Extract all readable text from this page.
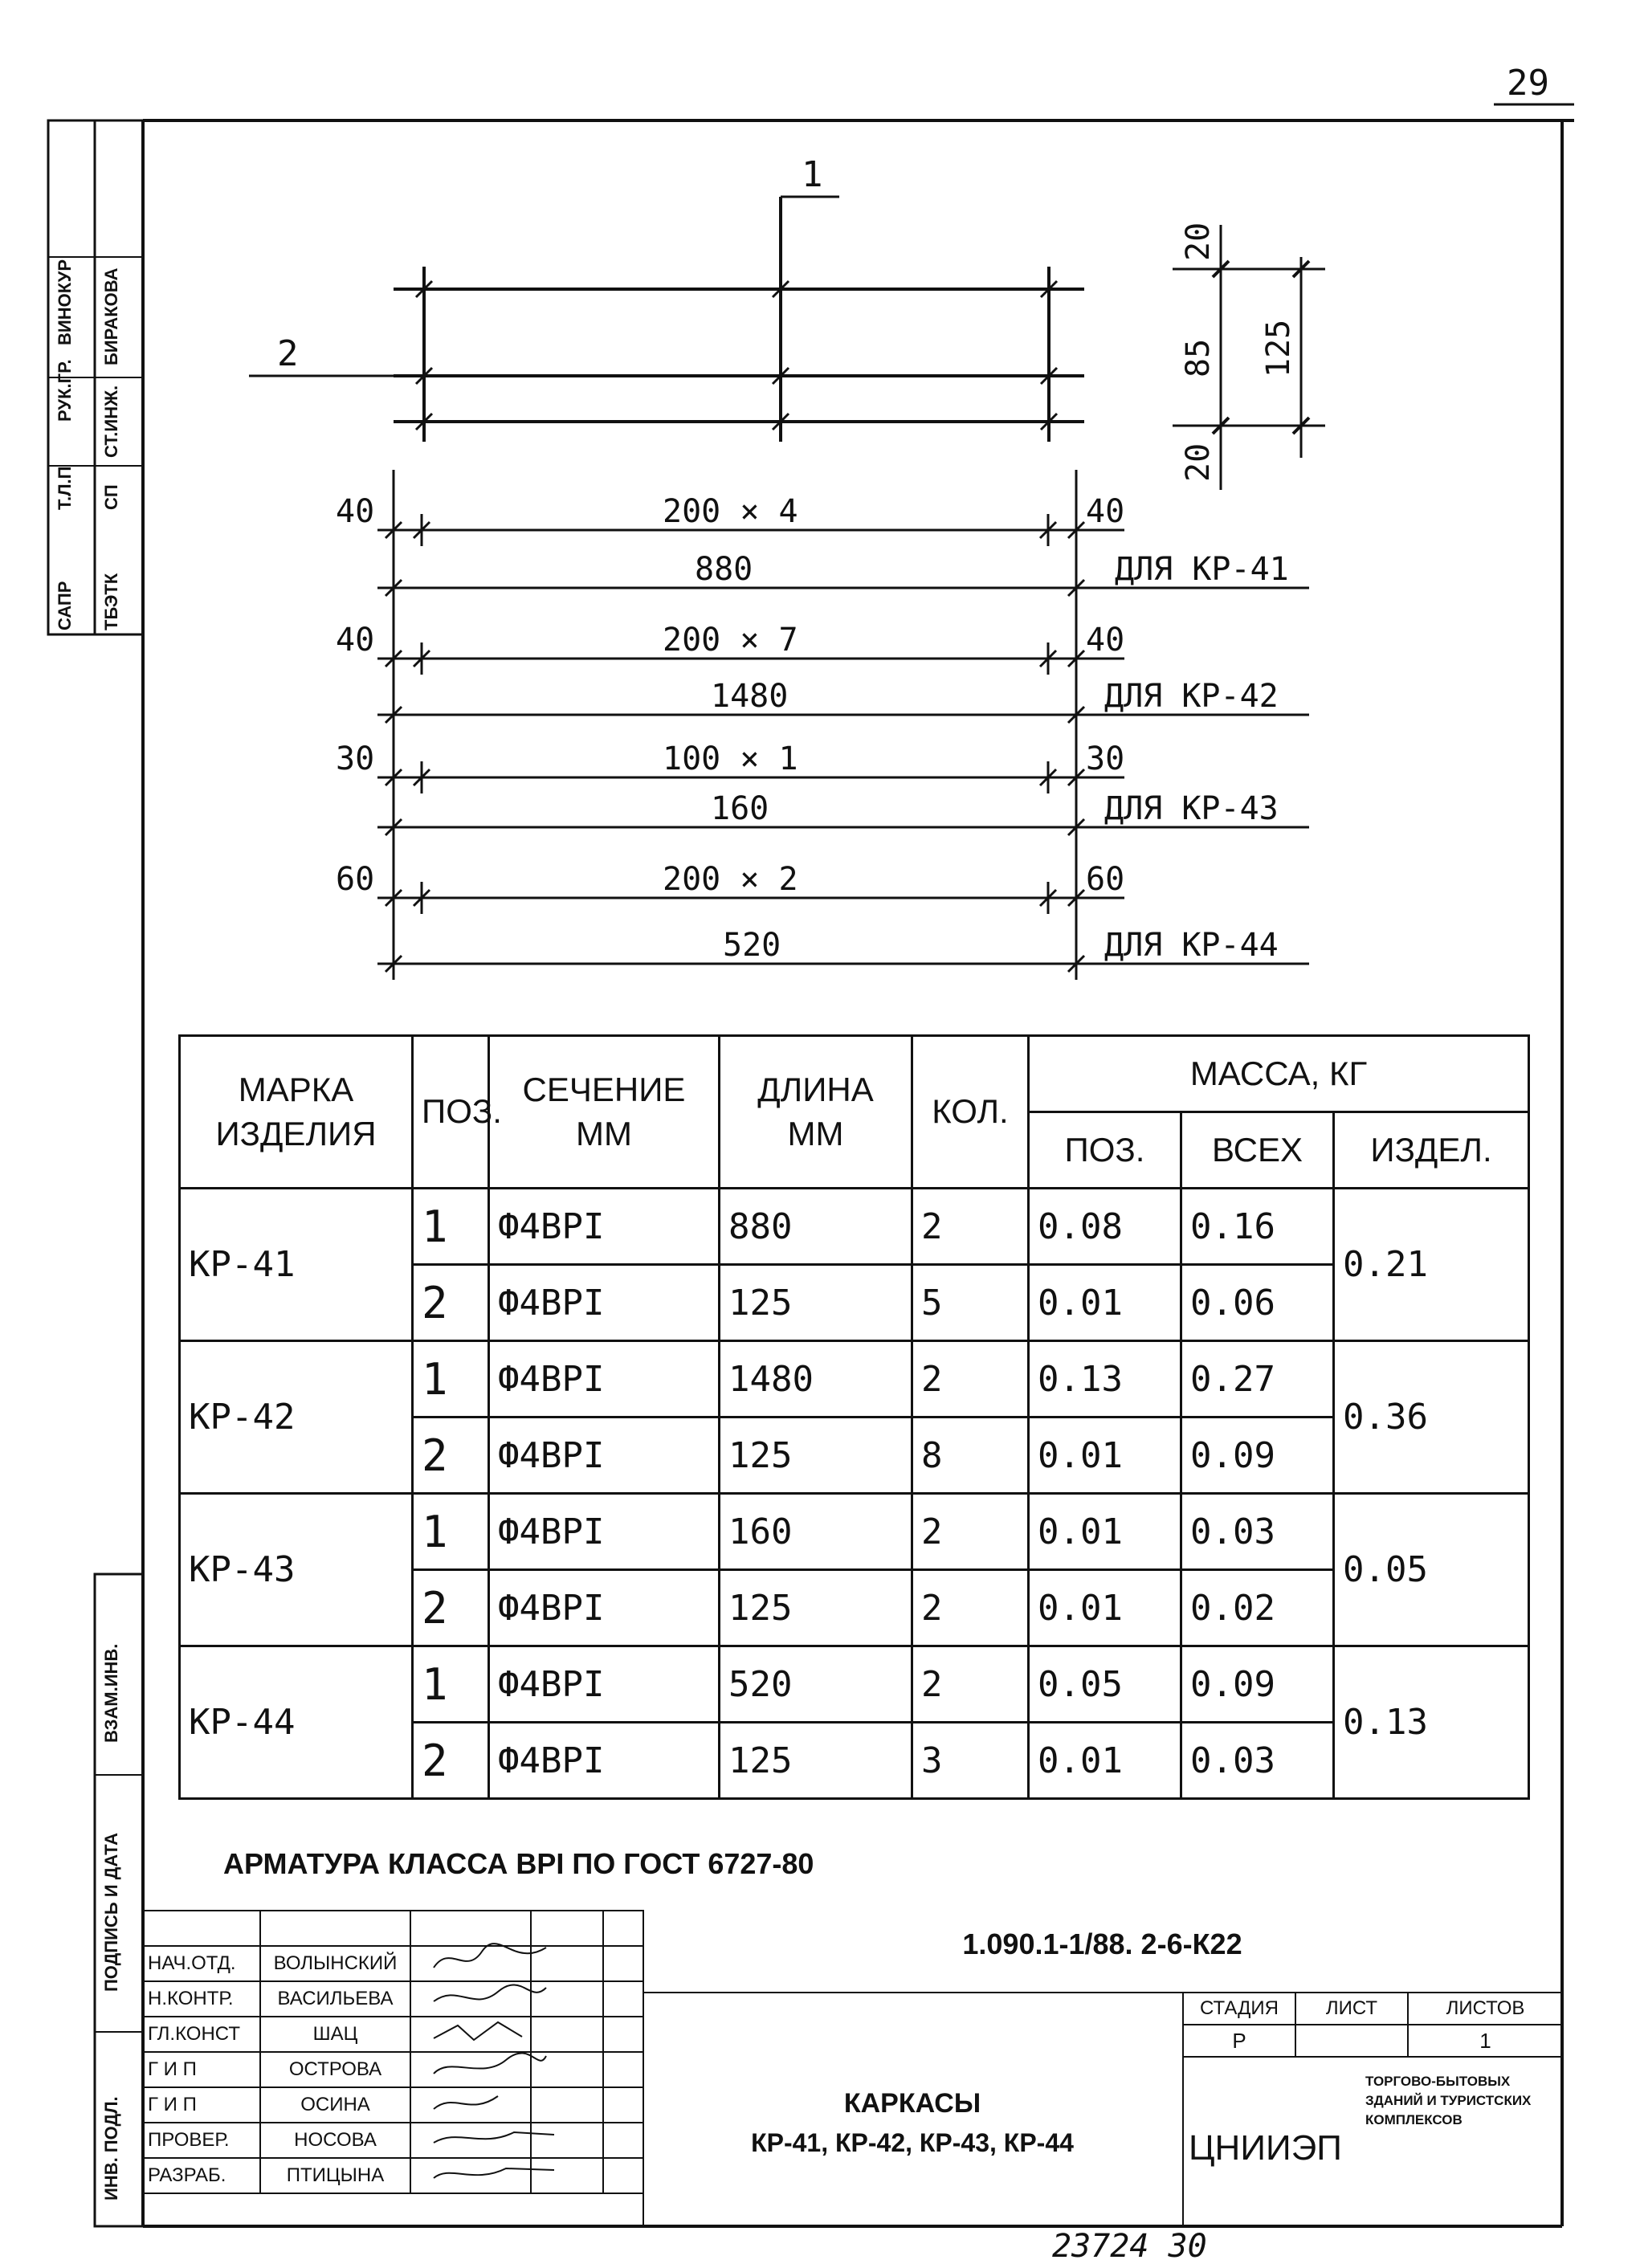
29
САПР
Т.Л.П
РУК.ГР.
ВИНОКУР
ТБЭТК
СП
СТ.ИНЖ.
БИРАКОВА
ВЗАМ.ИНВ.
ПОДПИСЬ И ДАТА
ИНВ. ПОДЛ.
1
2
20
85
20
125
40	200 × 4	40
880	ДЛЯ КР-41
40	200 × 7	40
1480	ДЛЯ КР-42
30	100 × 1	30
160	ДЛЯ КР-43
60	200 × 2	60
520	ДЛЯ КР-44
МАРКА ИЗДЕЛИЯ	ПОЗ.	СЕЧЕНИЕ ММ	ДЛИНА ММ	КОЛ.	МАССА, КГ		
					ПОЗ.	ВСЕХ	ИЗДЕЛ.
КР-41	1	Ф4ВРI	880	2	0.08	0.16	0.21
	2	Ф4ВРI	125	5	0.01	0.06	
КР-42	1	Ф4ВРI	1480	2	0.13	0.27	0.36
	2	Ф4ВРI	125	8	0.01	0.09	
КР-43	1	Ф4ВРI	160	2	0.01	0.03	0.05
	2	Ф4ВРI	125	2	0.01	0.02	
КР-44	1	Ф4ВРI	520	2	0.05	0.09	0.13
	2	Ф4ВРI	125	3	0.01	0.03	
АРМАТУРА КЛАССА ВРI ПО ГОСТ 6727-80

НАЧ.ОТД.	ВОЛЫНСКИЙ			
Н.КОНТР.	ВАСИЛЬЕВА			
ГЛ.КОНСТ	ШАЦ			
Г И П	ОСТРОВА			
Г И П	ОСИНА			
ПРОВЕР.	НОСОВА			
РАЗРАБ.	ПТИЦЫНА			
1.090.1-1/88. 2-6-К22
КАРКАСЫ
КР-41, КР-42, КР-43, КР-44
СТАДИЯ	ЛИСТ	ЛИСТОВ
Р		1
ЦНИИЭП
ТОРГОВО-БЫТОВЫХ ЗДАНИЙ И ТУРИСТСКИХ КОМПЛЕКСОВ
23724 30
